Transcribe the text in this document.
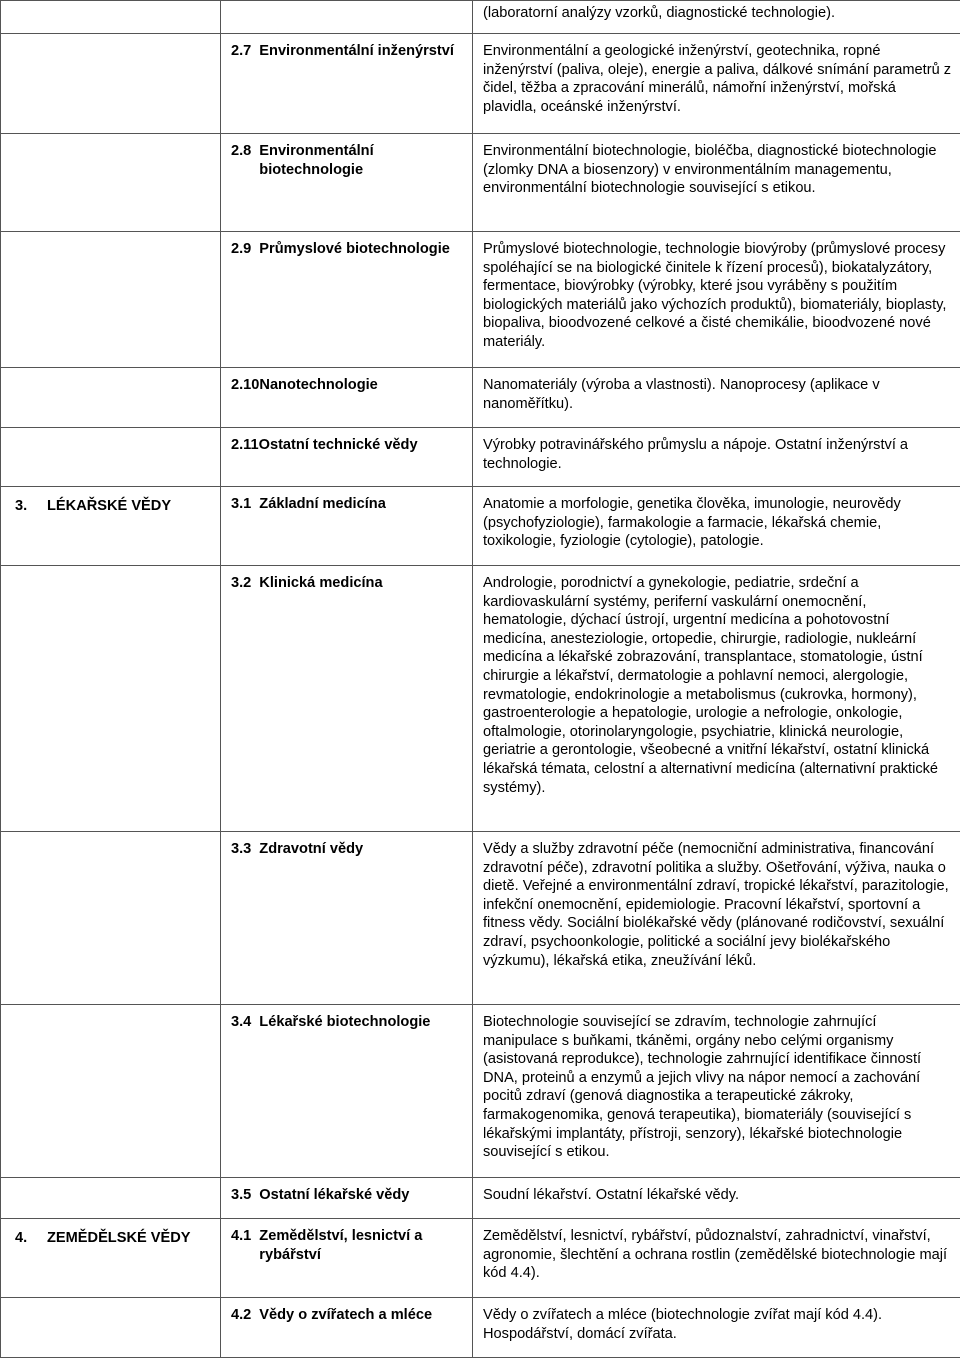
		(laboratorní analýzy vzorků, diagnostické technologie).

	2.7 Environmentální inženýrství	Environmentální a geologické inženýrství, geotechnika, ropné inženýrství (paliva, oleje), energie a paliva, dálkové snímání parametrů z čidel, těžba a zpracování minerálů, námořní inženýrství, mořská plavidla, oceánské inženýrství.

	2.8 Environmentální biotechnologie	Environmentální biotechnologie, bioléčba, diagnostické biotechnologie (zlomky DNA a biosenzory) v environmentálním managementu, environmentální biotechnologie související s etikou.

	2.9 Průmyslové biotechnologie	Průmyslové biotechnologie, technologie biovýroby (průmyslové procesy spoléhající se na biologické činitele k řízení procesů), biokatalyzátory, fermentace, biovýrobky (výrobky, které jsou vyráběny s použitím biologických materiálů jako výchozích produktů), biomateriály, bioplasty, biopaliva, bioodvozené celkové a čisté chemikálie, bioodvozené nové materiály.

	2.10 Nanotechnologie	Nanomateriály (výroba a vlastnosti). Nanoprocesy (aplikace v nanoměřítku).

	2.11 Ostatní technické vědy	Výrobky potravinářského průmyslu a nápoje. Ostatní inženýrství a technologie.

3. LÉKAŘSKÉ VĚDY	3.1 Základní medicína	Anatomie a morfologie, genetika člověka, imunologie, neurovědy (psychofyziologie), farmakologie a farmacie, lékařská chemie, toxikologie, fyziologie (cytologie), patologie.

	3.2 Klinická medicína	Andrologie, porodnictví a gynekologie, pediatrie, srdeční a kardiovaskulární systémy, periferní vaskulární onemocnění, hematologie, dýchací ústrojí, urgentní medicína a pohotovostní medicína, anesteziologie, ortopedie, chirurgie, radiologie, nukleární medicína a lékařské zobrazování, transplantace, stomatologie, ústní chirurgie a lékařství, dermatologie a pohlavní nemoci, alergologie, revmatologie, endokrinologie a metabolismus (cukrovka, hormony), gastroenterologie a hepatologie, urologie a nefrologie, onkologie, oftalmologie, otorinolaryngologie, psychiatrie, klinická neurologie, geriatrie a gerontologie, všeobecné a vnitřní lékařství, ostatní klinická lékařská témata, celostní a alternativní medicína (alternativní praktické systémy).

	3.3 Zdravotní vědy	Vědy a služby zdravotní péče (nemocniční administrativa, financování zdravotní péče), zdravotní politika a služby. Ošetřování, výživa, nauka o dietě. Veřejné a environmentální zdraví, tropické lékařství, parazitologie, infekční onemocnění, epidemiologie. Pracovní lékařství, sportovní a fitness vědy. Sociální biolékařské vědy (plánované rodičovství, sexuální zdraví, psychoonkologie, politické a sociální jevy biolékařského výzkumu), lékařská etika, zneužívání léků.

	3.4 Lékařské biotechnologie	Biotechnologie související se zdravím, technologie zahrnující manipulace s buňkami, tkáněmi, orgány nebo celými organismy (asistovaná reprodukce), technologie zahrnující identifikace činností DNA, proteinů a enzymů a jejich vlivy na nápor nemocí a zachování pocitů zdraví (genová diagnostika a terapeutické zákroky, farmakogenomika, genová terapeutika), biomateriály (související s lékařskými implantáty, přístroji, senzory), lékařské biotechnologie související s etikou.

	3.5 Ostatní lékařské vědy	Soudní lékařství. Ostatní lékařské vědy.

4. ZEMĚDĚLSKÉ VĚDY	4.1 Zemědělství, lesnictví a rybářství	Zemědělství, lesnictví, rybářství, půdoznalství, zahradnictví, vinařství, agronomie, šlechtění a ochrana rostlin (zemědělské biotechnologie mají kód 4.4).

	4.2 Vědy o zvířatech a mléce	Vědy o zvířatech a mléce (biotechnologie zvířat mají kód 4.4). Hospodářství, domácí zvířata.
